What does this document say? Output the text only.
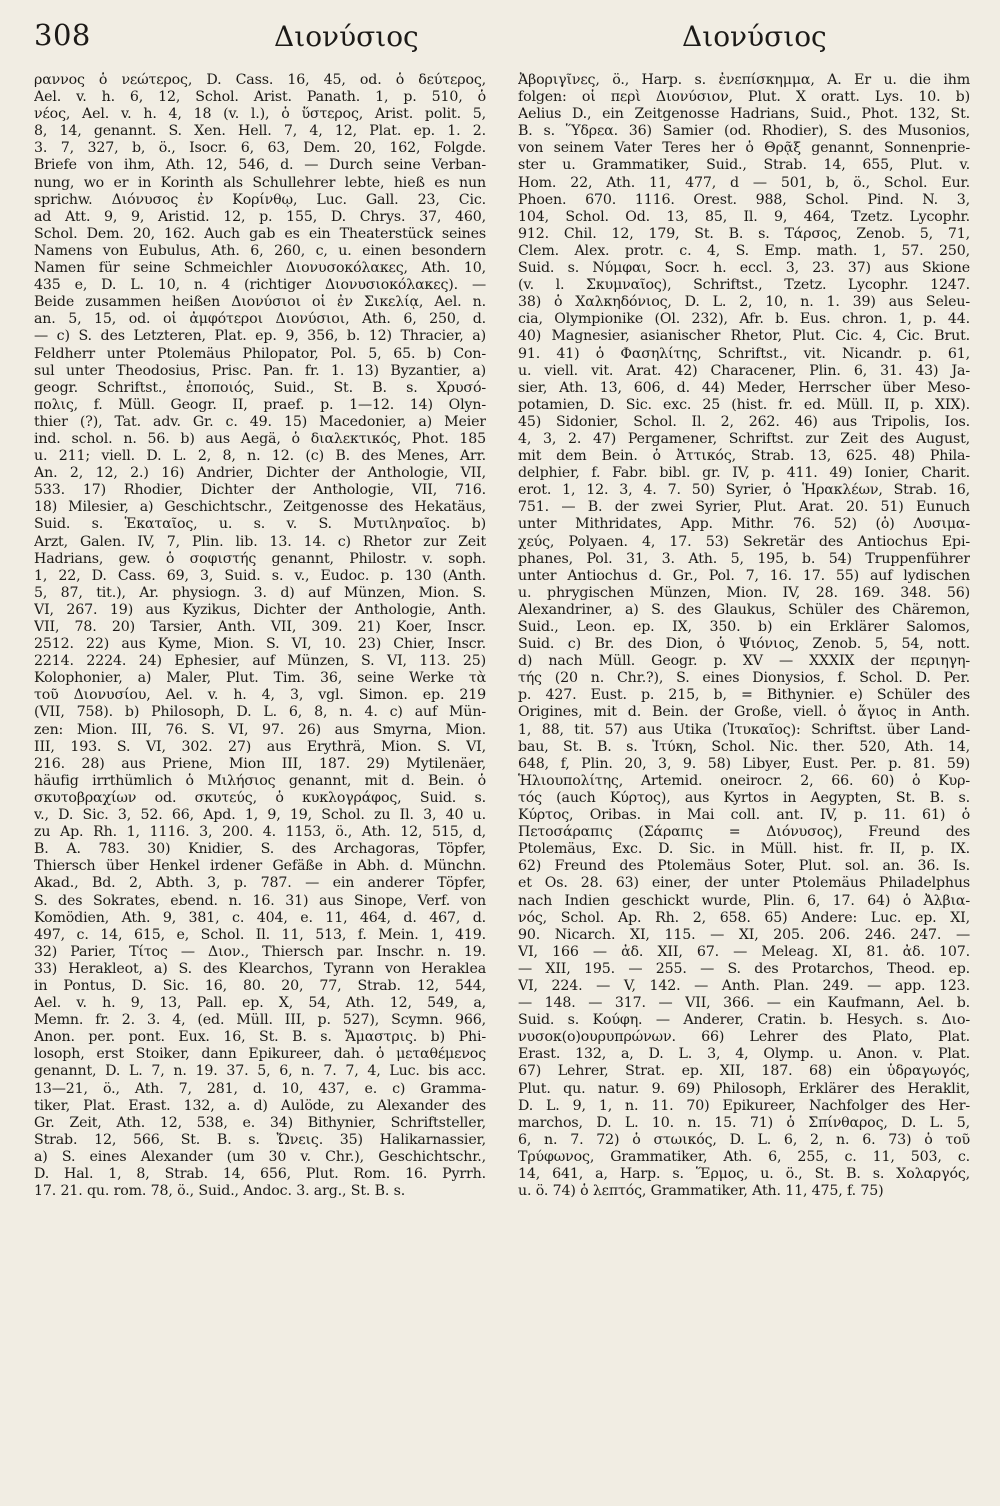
308	Διονύσιος	Διονύσιος
ραννος ὁ νεώτερος, D. Cass. 16, 45, od. ὁ δεύτερος,
Ael. v. h. 6, 12, Schol. Arist. Panath. 1, p. 510, ὁ
νέος, Ael. v. h. 4, 18 (v. l.), ὁ ὕστερος, Arist. polit. 5,
8, 14, genannt. S. Xen. Hell. 7, 4, 12, Plat. ep. 1. 2.
3. 7, 327, b, ö., Isocr. 6, 63, Dem. 20, 162, Folgde.
Briefe von ihm, Ath. 12, 546, d. — Durch seine Verban-
nung, wo er in Korinth als Schullehrer lebte, hieß es nun
sprichw. Διόνυσος ἐν Κορίνθῳ, Luc. Gall. 23, Cic.
ad Att. 9, 9, Aristid. 12, p. 155, D. Chrys. 37, 460,
Schol. Dem. 20, 162. Auch gab es ein Theaterstück seines
Namens von Eubulus, Ath. 6, 260, c, u. einen besondern
Namen für seine Schmeichler Διονυσοκόλακες, Ath. 10,
435 e, D. L. 10, n. 4 (richtiger Διονυσιοκόλακες). —
Beide zusammen heißen Διονύσιοι οἱ ἐν Σικελίᾳ, Ael. n.
an. 5, 15, od. οἱ ἀμφότεροι Διονύσιοι, Ath. 6, 250, d.
— c) S. des Letzteren, Plat. ep. 9, 356, b. 12) Thracier, a)
Feldherr unter Ptolemäus Philopator, Pol. 5, 65. b) Con-
sul unter Theodosius, Prisc. Pan. fr. 1. 13) Byzantier, a)
geogr. Schriftst., ἐποποιός, Suid., St. B. s. Χρυσό-
πολις, f. Müll. Geogr. II, praef. p. 1—12. 14) Olyn-
thier (?), Tat. adv. Gr. c. 49. 15) Macedonier, a) Meier
ind. schol. n. 56. b) aus Aegä, ὁ διαλεκτικός, Phot. 185
u. 211; viell. D. L. 2, 8, n. 12. (c) B. des Menes, Arr.
An. 2, 12, 2.) 16) Andrier, Dichter der Anthologie, VII,
533. 17) Rhodier, Dichter der Anthologie, VII, 716.
18) Milesier, a) Geschichtschr., Zeitgenosse des Hekatäus,
Suid. s. Ἑκαταῖος, u. s. v. S. Μυτιληναῖος. b)
Arzt, Galen. IV, 7, Plin. lib. 13. 14. c) Rhetor zur Zeit
Hadrians, gew. ὁ σοφιστής genannt, Philostr. v. soph.
1, 22, D. Cass. 69, 3, Suid. s. v., Eudoc. p. 130 (Anth.
5, 87, tit.), Ar. physiogn. 3. d) auf Münzen, Mion. S.
VI, 267. 19) aus Kyzikus, Dichter der Anthologie, Anth.
VII, 78. 20) Tarsier, Anth. VII, 309. 21) Koer, Inscr.
2512. 22) aus Kyme, Mion. S. VI, 10. 23) Chier, Inscr.
2214. 2224. 24) Ephesier, auf Münzen, S. VI, 113. 25)
Kolophonier, a) Maler, Plut. Tim. 36, seine Werke τὰ
τοῦ Διονυσίου, Ael. v. h. 4, 3, vgl. Simon. ep. 219
(VII, 758). b) Philosoph, D. L. 6, 8, n. 4. c) auf Mün-
zen: Mion. III, 76. S. VI, 97. 26) aus Smyrna, Mion.
III, 193. S. VI, 302. 27) aus Erythrä, Mion. S. VI,
216. 28) aus Priene, Mion III, 187. 29) Mytilenäer,
häufig irrthümlich ὁ Μιλήσιος genannt, mit d. Bein. ὁ
σκυτοβραχίων od. σκυτεύς, ὁ κυκλογράφος, Suid. s.
v., D. Sic. 3, 52. 66, Apd. 1, 9, 19, Schol. zu Il. 3, 40 u.
zu Ap. Rh. 1, 1116. 3, 200. 4. 1153, ö., Ath. 12, 515, d,
B. A. 783. 30) Knidier, S. des Archagoras, Töpfer,
Thiersch über Henkel irdener Gefäße in Abh. d. Münchn.
Akad., Bd. 2, Abth. 3, p. 787. — ein anderer Töpfer,
S. des Sokrates, ebend. n. 16. 31) aus Sinope, Verf. von
Komödien, Ath. 9, 381, c. 404, e. 11, 464, d. 467, d.
497, c. 14, 615, e, Schol. Il. 11, 513, f. Mein. 1, 419.
32) Parier, Τίτος — Διον., Thiersch par. Inschr. n. 19.
33) Herakleot, a) S. des Klearchos, Tyrann von Heraklea
in Pontus, D. Sic. 16, 80. 20, 77, Strab. 12, 544,
Ael. v. h. 9, 13, Pall. ep. X, 54, Ath. 12, 549, a,
Memn. fr. 2. 3. 4, (ed. Müll. III, p. 527), Scymn. 966,
Anon. per. pont. Eux. 16, St. B. s. Ἄμαστρις. b) Phi-
losoph, erst Stoiker, dann Epikureer, dah. ὁ μεταθέμενος
genannt, D. L. 7, n. 19. 37. 5, 6, n. 7. 7, 4, Luc. bis acc.
13—21, ö., Ath. 7, 281, d. 10, 437, e. c) Gramma-
tiker, Plat. Erast. 132, a. d) Aulöde, zu Alexander des
Gr. Zeit, Ath. 12, 538, e. 34) Bithynier, Schriftsteller,
Strab. 12, 566, St. B. s. Ὤνεις. 35) Halikarnassier,
a) S. eines Alexander (um 30 v. Chr.), Geschichtschr.,
D. Hal. 1, 8, Strab. 14, 656, Plut. Rom. 16. Pyrrh.
17. 21. qu. rom. 78, ö., Suid., Andoc. 3. arg., St. B. s.
Ἀβοριγῖνες, ö., Harp. s. ἐνεπίσκημμα, A. Er u. die ihm
folgen: οἱ περὶ Διονύσιον, Plut. X oratt. Lys. 10. b)
Aelius D., ein Zeitgenosse Hadrians, Suid., Phot. 132, St.
B. s. Ὕδρεα. 36) Samier (od. Rhodier), S. des Musonios,
von seinem Vater Teres her ὁ Θρᾷξ genannt, Sonnenprie-
ster u. Grammatiker, Suid., Strab. 14, 655, Plut. v.
Hom. 22, Ath. 11, 477, d — 501, b, ö., Schol. Eur.
Phoen. 670. 1116. Orest. 988, Schol. Pind. N. 3,
104, Schol. Od. 13, 85, Il. 9, 464, Tzetz. Lycophr.
912. Chil. 12, 179, St. B. s. Τάρσος, Zenob. 5, 71,
Clem. Alex. protr. c. 4, S. Emp. math. 1, 57. 250,
Suid. s. Νύμφαι, Socr. h. eccl. 3, 23. 37) aus Skione
(v. l. Σκυμναῖος), Schriftst., Tzetz. Lycophr. 1247.
38) ὁ Χαλκηδόνιος, D. L. 2, 10, n. 1. 39) aus Seleu-
cia, Olympionike (Ol. 232), Afr. b. Eus. chron. 1, p. 44.
40) Magnesier, asianischer Rhetor, Plut. Cic. 4, Cic. Brut.
91. 41) ὁ Φασηλίτης, Schriftst., vit. Nicandr. p. 61,
u. viell. vit. Arat. 42) Characener, Plin. 6, 31. 43) Ja-
sier, Ath. 13, 606, d. 44) Meder, Herrscher über Meso-
potamien, D. Sic. exc. 25 (hist. fr. ed. Müll. II, p. XIX).
45) Sidonier, Schol. Il. 2, 262. 46) aus Tripolis, Ios.
4, 3, 2. 47) Pergamener, Schriftst. zur Zeit des August,
mit dem Bein. ὁ Ἀττικός, Strab. 13, 625. 48) Phila-
delphier, f. Fabr. bibl. gr. IV, p. 411. 49) Ionier, Charit.
erot. 1, 12. 3, 4. 7. 50) Syrier, ὁ Ἡρακλέων, Strab. 16,
751. — B. der zwei Syrier, Plut. Arat. 20. 51) Eunuch
unter Mithridates, App. Mithr. 76. 52) (ὁ) Λυσιμα-
χεύς, Polyaen. 4, 17. 53) Sekretär des Antiochus Epi-
phanes, Pol. 31, 3. Ath. 5, 195, b. 54) Truppenführer
unter Antiochus d. Gr., Pol. 7, 16. 17. 55) auf lydischen
u. phrygischen Münzen, Mion. IV, 28. 169. 348. 56)
Alexandriner, a) S. des Glaukus, Schüler des Chäremon,
Suid., Leon. ep. IX, 350. b) ein Erklärer Salomos,
Suid. c) Br. des Dion, ὁ Ψιόνιος, Zenob. 5, 54, nott.
d) nach Müll. Geogr. p. XV — XXXIX der περιηγη-
τής (20 n. Chr.?), S. eines Dionysios, f. Schol. D. Per.
p. 427. Eust. p. 215, b, = Bithynier. e) Schüler des
Origines, mit d. Bein. der Große, viell. ὁ ἅγιος in Anth.
1, 88, tit. 57) aus Utika (Ἰτυκαῖος): Schriftst. über Land-
bau, St. B. s. Ἰτύκη, Schol. Nic. ther. 520, Ath. 14,
648, f, Plin. 20, 3, 9. 58) Libyer, Eust. Per. p. 81. 59)
Ἡλιουπολίτης, Artemid. oneirocr. 2, 66. 60) ὁ Κυρ-
τός (auch Κύρτος), aus Kyrtos in Aegypten, St. B. s.
Κύρτος, Oribas. in Mai coll. ant. IV, p. 11. 61) ὁ
Πετοσάραπις (Σάραπις = Διόνυσος), Freund des
Ptolemäus, Exc. D. Sic. in Müll. hist. fr. II, p. IX.
62) Freund des Ptolemäus Soter, Plut. sol. an. 36. Is.
et Os. 28. 63) einer, der unter Ptolemäus Philadelphus
nach Indien geschickt wurde, Plin. 6, 17. 64) ὁ Ἀλβια-
νός, Schol. Ap. Rh. 2, 658. 65) Andere: Luc. ep. XI,
90. Nicarch. XI, 115. — XI, 205. 206. 246. 247. —
VI, 166 — ἀδ. XII, 67. — Meleag. XI, 81. ἀδ. 107.
— XII, 195. — 255. — S. des Protarchos, Theod. ep.
VI, 224. — V, 142. — Anth. Plan. 249. — app. 123.
— 148. — 317. — VII, 366. — ein Kaufmann, Ael. b.
Suid. s. Κούφη. — Anderer, Cratin. b. Hesych. s. Διο-
νυσοκ(ο)ουρυπρώνων. 66) Lehrer des Plato, Plat.
Erast. 132, a, D. L. 3, 4, Olymp. u. Anon. v. Plat.
67) Lehrer, Strat. ep. XII, 187. 68) ein ὑδραγωγός,
Plut. qu. natur. 9. 69) Philosoph, Erklärer des Heraklit,
D. L. 9, 1, n. 11. 70) Epikureer, Nachfolger des Her-
marchos, D. L. 10. n. 15. 71) ὁ Σπίνθαρος, D. L. 5,
6, n. 7. 72) ὁ στωικός, D. L. 6, 2, n. 6. 73) ὁ τοῦ
Τρύφωνος, Grammatiker, Ath. 6, 255, c. 11, 503, c.
14, 641, a, Harp. s. Ἕρμος, u. ö., St. B. s. Χολαργός,
u. ö. 74) ὁ λεπτός, Grammatiker, Ath. 11, 475, f. 75)
